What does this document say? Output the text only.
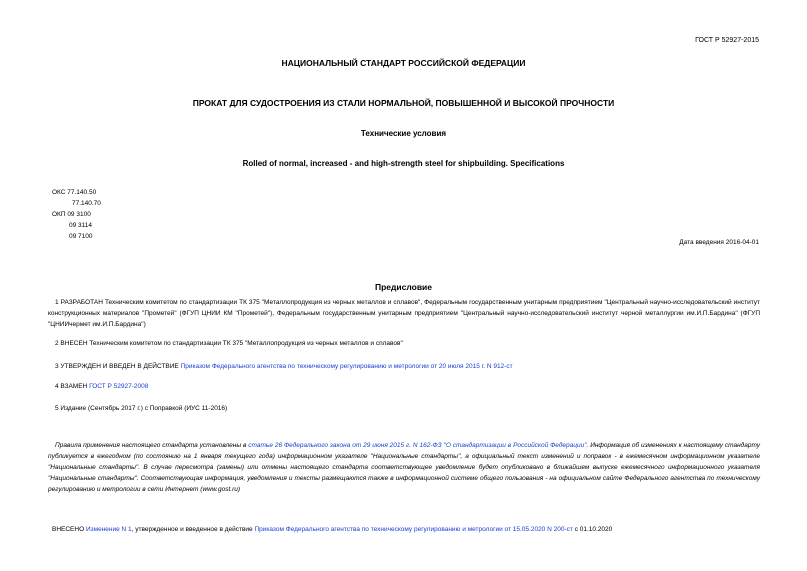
ГОСТ Р 52927-2015
НАЦИОНАЛЬНЫЙ СТАНДАРТ РОССИЙСКОЙ ФЕДЕРАЦИИ
ПРОКАТ ДЛЯ СУДОСТРОЕНИЯ ИЗ СТАЛИ НОРМАЛЬНОЙ, ПОВЫШЕННОЙ И ВЫСОКОЙ ПРОЧНОСТИ
Технические условия
Rolled of normal, increased - and high-strength steel for shipbuilding. Specifications
ОКС 77.140.50
77.140.70
ОКП 09 3100
09 3114
09 7100
Дата введения 2016-04-01
Предисловие
1 РАЗРАБОТАН Техническим комитетом по стандартизации ТК 375 "Металлопродукция из черных металлов и сплавов", Федеральным государственным унитарным предприятием "Центральный научно-исследовательский институт конструкционных материалов "Прометей" (ФГУП ЦНИИ КМ "Прометей"), Федеральным государственным унитарным предприятием "Центральный научно-исследовательский институт черной металлургии им.И.П.Бардина" (ФГУП "ЦНИИчермет им.И.П.Бардина")
2 ВНЕСЕН Техническим комитетом по стандартизации ТК 375 "Металлопродукция из черных металлов и сплавов"
3 УТВЕРЖДЕН И ВВЕДЕН В ДЕЙСТВИЕ Приказом Федерального агентства по техническому регулированию и метрологии от 20 июля 2015 г. N 912-ст
4 ВЗАМЕН ГОСТ Р 52927-2008
5 Издание (Сентябрь 2017 г.) с Поправкой (ИУС 11-2016)
Правила применения настоящего стандарта установлены в статье 26 Федерального закона от 29 июня 2015 г. N 162-ФЗ "О стандартизации в Российской Федерации". Информация об изменениях к настоящему стандарту публикуется в ежегодном (по состоянию на 1 января текущего года) информационном указателе "Национальные стандарты", а официальный текст изменений и поправок - в ежемесячном информационном указателе "Национальные стандарты". В случае пересмотра (замены) или отмены настоящего стандарта соответствующее уведомление будет опубликовано в ближайшем выпуске ежемесячного информационного указателя "Национальные стандарты". Соответствующая информация, уведомления и тексты размещаются также в информационной системе общего пользования - на официальном сайте Федерального агентства по техническому регулированию и метрологии в сети Интернет (www.gost.ru)
ВНЕСЕНО Изменение N 1, утвержденное и введенное в действие Приказом Федерального агентства по техническому регулированию и метрологии от 15.05.2020 N 200-ст с 01.10.2020
